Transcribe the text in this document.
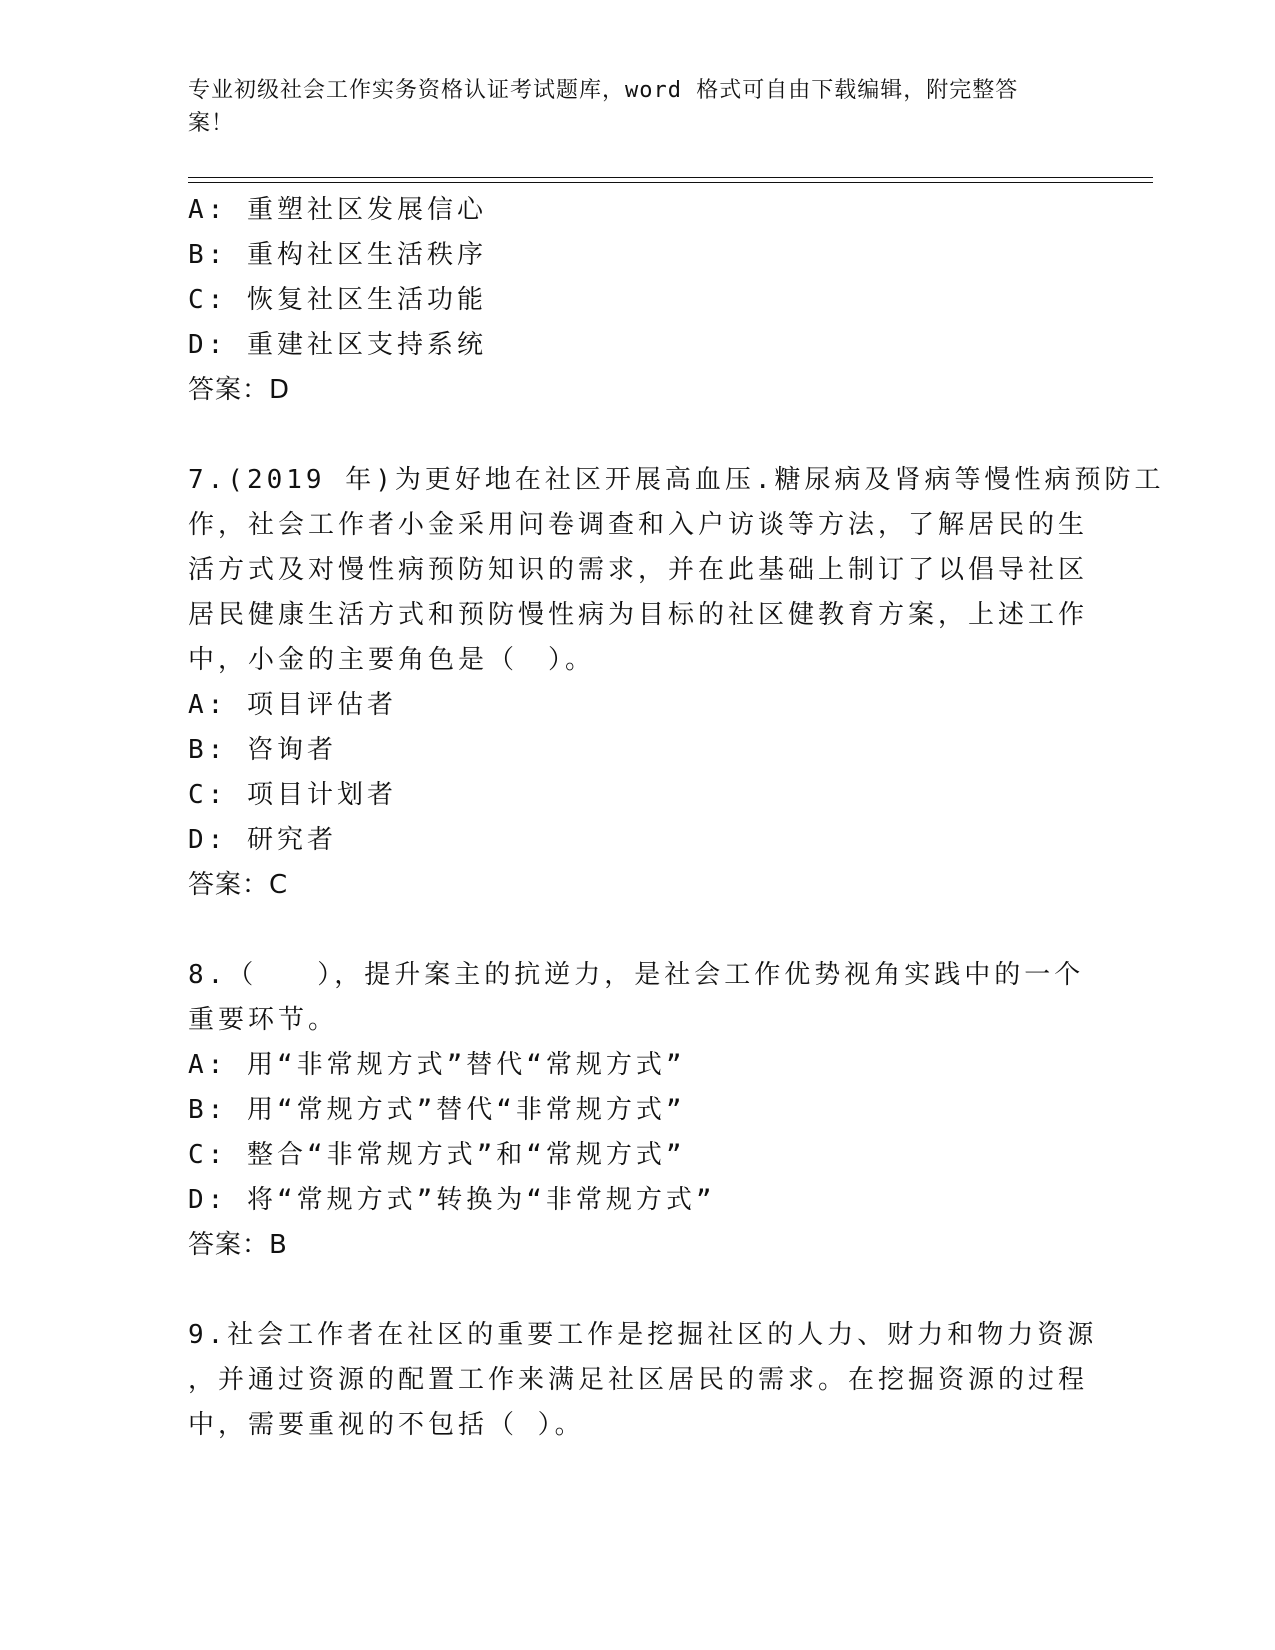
专业初级社会工作实务资格认证考试题库，word 格式可自由下载编辑，附完整答
案！
A: 重塑社区发展信心
B: 重构社区生活秩序
C: 恢复社区生活功能
D: 重建社区支持系统
答案：D
7.(2019 年)为更好地在社区开展高血压.糖尿病及肾病等慢性病预防工
作，社会工作者小金采用问卷调查和入户访谈等方法，了解居民的生
活方式及对慢性病预防知识的需求，并在此基础上制订了以倡导社区
居民健康生活方式和预防慢性病为目标的社区健教育方案，上述工作
中，小金的主要角色是（　）。
A: 项目评估者
B: 咨询者
C: 项目计划者
D: 研究者
答案：C
8.（　　），提升案主的抗逆力，是社会工作优势视角实践中的一个
重要环节。
A: 用“非常规方式”替代“常规方式”
B: 用“常规方式”替代“非常规方式”
C: 整合“非常规方式”和“常规方式”
D: 将“常规方式”转换为“非常规方式”
答案：B
9.社会工作者在社区的重要工作是挖掘社区的人力、财力和物力资源
，并通过资源的配置工作来满足社区居民的需求。在挖掘资源的过程
中，需要重视的不包括（ ）。
